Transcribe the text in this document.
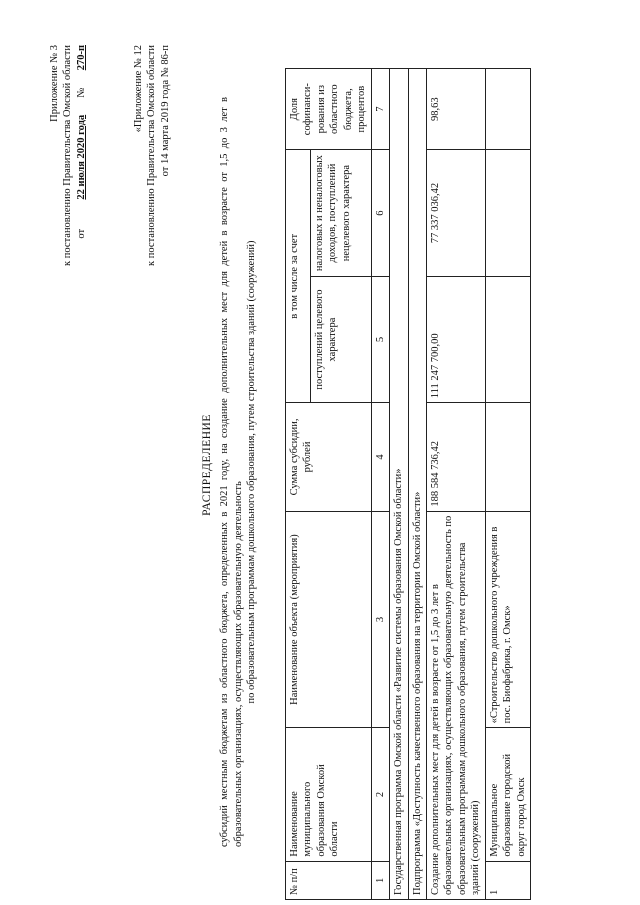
Приложение № 3 к постановлению Правительства Омской области от  22 июля 2020 года  №  270-п	«Приложение № 12 к постановлению Правительства Омской области от 14 марта 2019 года № 86-п
РАСПРЕДЕЛЕНИЕ субсидий местным бюджетам из областного бюджета, определенных в 2021 году, на создание дополнительных мест для детей в возрасте от 1,5 до 3 лет в образовательных организациях, осуществляющих образовательную деятельность по образовательным программам дошкольного образования, путем строительства зданий (сооружений)
№ п/п	Наименование муниципального образования Омской области	Наименование объекта (мероприятия)	Сумма субсидии, рублей	в том числе за счет		Доля софинанси-рования из областного бюджета, процентов
				поступлений целевого характера	налоговых и неналоговых доходов, поступлений нецелевого характера	
1	2	3	4	5	6	7
Государственная программа Омской области «Развитие системы образования Омской области»						
Подпрограмма «Доступность качественного образования на территории Омской области»						
Создание дополнительных мест для детей в возрасте от 1,5 до 3 лет в образовательных организациях, осуществляющих образовательную деятельность по образовательным программам дошкольного образования, путем строительства зданий (сооружений)			188 584 736,42	111 247 700,00	77 337 036,42	98,63
1	Муниципальное образование городской округ город Омск	«Строительство дошкольного учреждения в пос. Биофабрика, г. Омск»				
